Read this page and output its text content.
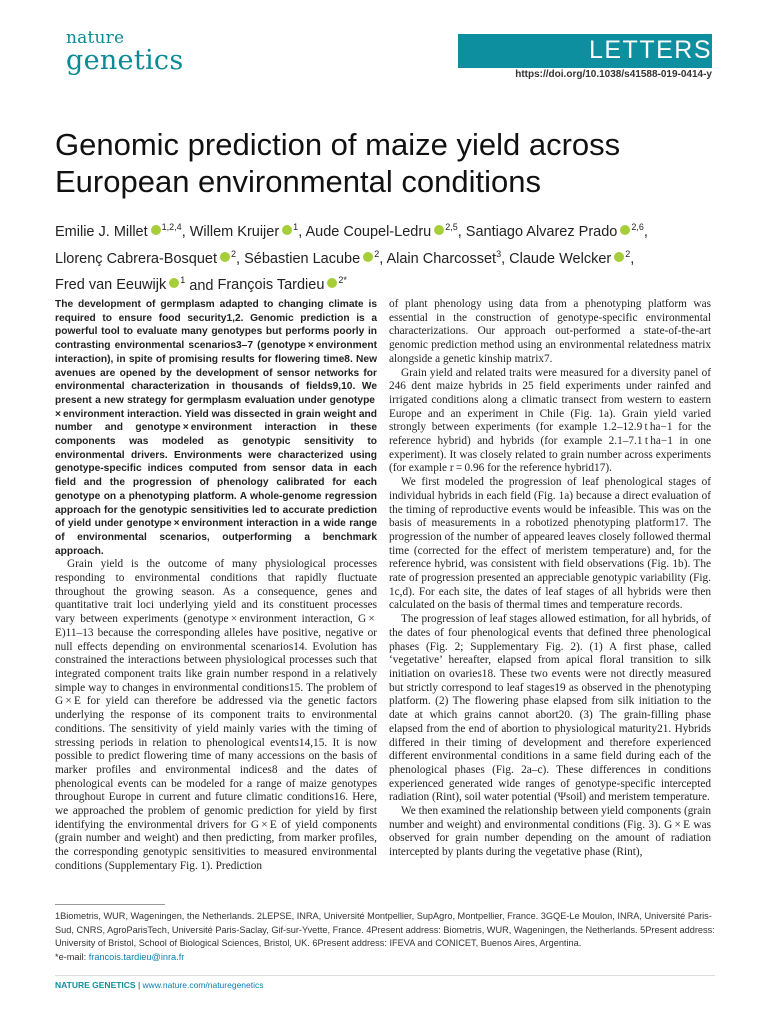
nature
genetics	LETTERS
https://doi.org/10.1038/s41588-019-0414-y
Genomic prediction of maize yield across European environmental conditions
Emilie J. Millet $^{1,2,4}$, Willem Kruijer $^1$, Aude Coupel-Ledru $^{2,5}$, Santiago Alvarez Prado $^{2,6}$,
Llorenç Cabrera-Bosquet $^2$, Sébastien Lacube $^2$, Alain Charcosset$^3$, Claude Welcker $^2$,
Fred van Eeuwijk $^1$ and François Tardieu $^{2*}$

The development of germplasm adapted to changing climate is required to ensure food security1,2. Genomic prediction is a powerful tool to evaluate many genotypes but performs poorly in contrasting environmental scenarios3–7 (genotype × environment interaction), in spite of promising results for flowering time8. New avenues are opened by the development of sensor networks for environmental characterization in thousands of fields9,10. We present a new strategy for germplasm evaluation under genotype × environment interaction. Yield was dissected in grain weight and number and genotype × environment interaction in these components was modeled as genotypic sensitivity to environmental drivers. Environments were characterized using genotype-specific indices computed from sensor data in each field and the progression of phenology calibrated for each genotype on a phenotyping platform. A whole-genome regression approach for the genotypic sensitivities led to accurate prediction of yield under genotype × environment interaction in a wide range of environmental scenarios, outperforming a benchmark approach.

Grain yield is the outcome of many physiological processes responding to environmental conditions that rapidly fluctuate throughout the growing season. As a consequence, genes and quantitative trait loci underlying yield and its constituent processes vary between experiments (genotype × environment interaction, G × E)11–13 because the corresponding alleles have positive, negative or null effects depending on environmental scenarios14. Evolution has constrained the interactions between physiological processes such that integrated component traits like grain number respond in a relatively simple way to changes in environmental conditions15. The problem of G × E for yield can therefore be addressed via the genetic factors underlying the response of its component traits to environmental conditions. The sensitivity of yield mainly varies with the timing of stressing periods in relation to phenological events14,15. It is now possible to predict flowering time of many accessions on the basis of marker profiles and environmental indices8 and the dates of phenological events can be modeled for a range of maize genotypes throughout Europe in current and future climatic conditions16. Here, we approached the problem of genomic prediction for yield by first identifying the environmental drivers for G × E of yield components (grain number and weight) and then predicting, from marker profiles, the corresponding genotypic sensitivities to measured environmental conditions (Supplementary Fig. 1). Prediction

of plant phenology using data from a phenotyping platform was essential in the construction of genotype-specific environmental characterizations. Our approach out-performed a state-of-the-art genomic prediction method using an environmental relatedness matrix alongside a genetic kinship matrix7.

Grain yield and related traits were measured for a diversity panel of 246 dent maize hybrids in 25 field experiments under rainfed and irrigated conditions along a climatic transect from western to eastern Europe and an experiment in Chile (Fig. 1a). Grain yield varied strongly between experiments (for example 1.2–12.9 t ha−1 for the reference hybrid) and hybrids (for example 2.1–7.1 t ha−1 in one experiment). It was closely related to grain number across experiments (for example r = 0.96 for the reference hybrid17).

We first modeled the progression of leaf phenological stages of individual hybrids in each field (Fig. 1a) because a direct evaluation of the timing of reproductive events would be infeasible. This was on the basis of measurements in a robotized phenotyping platform17. The progression of the number of appeared leaves closely followed thermal time (corrected for the effect of meristem temperature) and, for the reference hybrid, was consistent with field observations (Fig. 1b). The rate of progression presented an appreciable genotypic variability (Fig. 1c,d). For each site, the dates of leaf stages of all hybrids were then calculated on the basis of thermal times and temperature records.

The progression of leaf stages allowed estimation, for all hybrids, of the dates of four phenological events that defined three phenological phases (Fig. 2; Supplementary Fig. 2). (1) A first phase, called ‘vegetative’ hereafter, elapsed from apical floral transition to silk initiation on ovaries18. These two events were not directly measured but strictly correspond to leaf stages19 as observed in the phenotyping platform. (2) The flowering phase elapsed from silk initiation to the date at which grains cannot abort20. (3) The grain-filling phase elapsed from the end of abortion to physiological maturity21. Hybrids differed in their timing of development and therefore experienced different environmental conditions in a same field during each of the phenological phases (Fig. 2a–c). These differences in conditions experienced generated wide ranges of genotype-specific intercepted radiation (Rint), soil water potential (Ψsoil) and meristem temperature.

We then examined the relationship between yield components (grain number and weight) and environmental conditions (Fig. 3). G × E was observed for grain number depending on the amount of radiation intercepted by plants during the vegetative phase (Rint),

1Biometris, WUR, Wageningen, the Netherlands. 2LEPSE, INRA, Université Montpellier, SupAgro, Montpellier, France. 3GQE-Le Moulon, INRA, Université Paris-Sud, CNRS, AgroParisTech, Université Paris-Saclay, Gif-sur-Yvette, France. 4Present address: Biometris, WUR, Wageningen, the Netherlands. 5Present address: University of Bristol, School of Biological Sciences, Bristol, UK. 6Present address: IFEVA and CONICET, Buenos Aires, Argentina.
*e-mail: francois.tardieu@inra.fr
NATURE GENETICS | www.nature.com/naturegenetics
